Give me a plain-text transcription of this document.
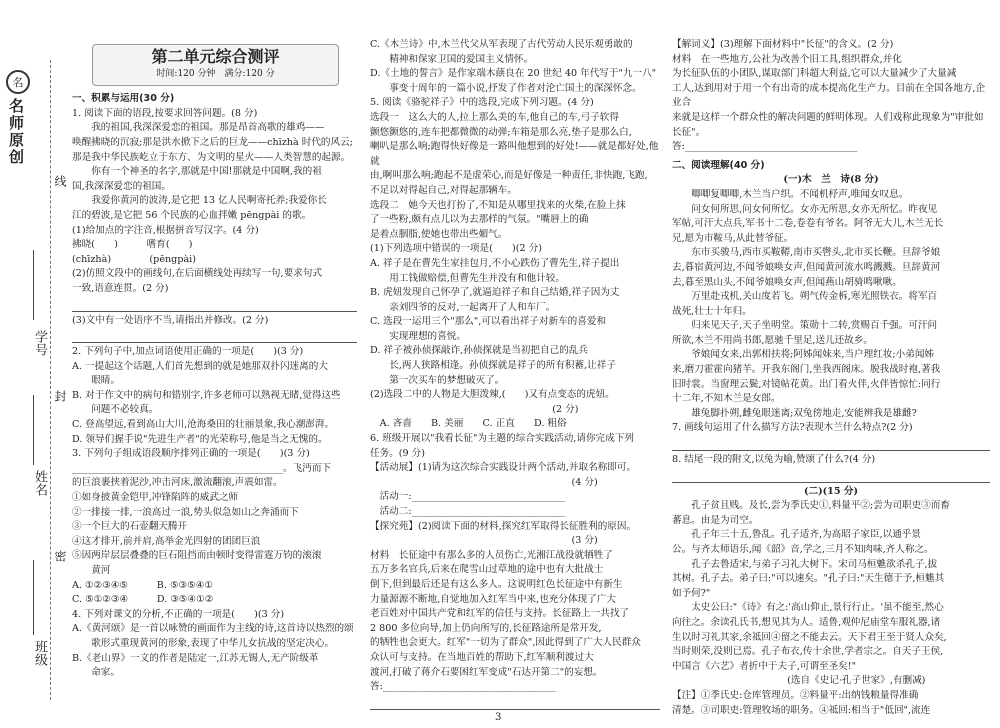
名
名师原创
线
封
密
学号
姓名
班级
第二单元综合测评
时间:120 分钟　满分:120 分
一、积累与运用(30 分)
1. 阅读下面的语段,按要求回答问题。(8 分)
我的祖国,我深深爱恋的祖国。那是昂首高歌的雄鸡——
唤醒拂晓的沉寂;那是洪水掀下之后的巨龙——chīzhà 时代的风云;
那是我中华民族屹立于东方、为文明的星火——人类智慧的起源。
你有一个神圣的名字,那就是中国!那就是中国啊,我的祖
国,我深深爱恋的祖国。
我爱你黄河的波涛,是它把 13 亿人民啊寄托养;我爱你长
江的碧波,是它把 56 个民族的心血拌嫩 pēngpài 的歌。
(1)给加点的字注音,根据拼音写汉字。(4 分)
拂晓(　　)　　　嗜育(　　)
(chīzhà)　　　　(pēngpài)
(2)仿照文段中的画线句,在后面横线处再续写一句,要求句式
一致,语意连贯。(2 分)
(3)文中有一处语序不当,请指出并修改。(2 分)
2. 下列句子中,加点词语使用正确的一项是(　　)(3 分)
A. 一提起这个话题,人们首先想到的就是她那双扑闪迷离的大
眼睛。
B. 对于作文中的病句和错别字,许多老师可以熟视无睹,觉得这些
问题不必较真。
C. 登高望远,看到高山大川,沧海桑田的壮丽景象,我心潮澎湃。
D. 领导们握手说"先进生产者"的光荣称号,他是当之无愧的。
3. 下列句子组成语段顺序排列正确的一项是(　　)(3 分)
____________________________________________。飞沔而下
的巨浪裹挟着泥沙,冲击河床,激流翻滚,声震如雷。
①如身披黄金铠甲,冲锋陷阵的威武之师
②一排接一排,一浪高过一浪,势头似急如山之奔涌而下
③一个巨大的石壶翻天腾开
④这才排开,前并肩,高举金光四射的团团巨浪
⑤因两岸层层叠叠的巨石阻挡而由顿时变得雷霆万钧的滚滚
黄河
A. ①②③④⑤　　　B. ⑤③⑤④①
C. ⑤①②③④　　　D. ③⑤④①②
4. 下列对课文的分析,不正确的一项是(　　)(3 分)
A.《黄河颂》是一首以咏赞的画面作为主线的诗,这首诗以热烈的颂
歌形式重现黄河的形象,表现了中华儿女抗战的坚定决心。
B.《老山界》一文的作者是陆定一,江苏无锡人,无产阶级革
命家。
C.《木兰诗》中,木兰代父从军表现了古代劳动人民乐观勇敢的
精神和保家卫国的爱国主义情怀。
D.《土地的誓言》是作家端木蕻良在 20 世纪 40 年代写于"九一八"
事变十周年的一篇小说,抒发了作者对沦亡国土的深深怀念。
5. 阅读《骆驼祥子》中的选段,完成下列习题。(4 分)
选段一　这么大的人,拉上那么美的车,他自己的车,弓子软得
颤悠颤悠的,连车把都微微的动弹;车箱是那么亮,垫子是那么白,
喇叭是那么响;跑得快好像是一路叫他想到的好处!——就是都好处,他就
由,啊叫那么响;跑起不是虚荣心,而是好像是一种责任,非快跑,飞跑,
不足以对得起自己,对得起那辆车。
选段二　她今天也打扮了,不知是从哪里找来的火柴,在脸上抹
了一些粉,颇有点儿以为去那样的气氛。"嘴唇上的确
是着点胭脂,使她也带出些媚气。
(1)下列选项中错误的一项是(　　)(2 分)
A. 祥子是在曹先生家挂包月,不小心跌伤了曹先生,祥子提出
用工钱做赔偿,但曹先生并没有和他计较。
B. 虎妞发现自己怀孕了,就逼迫祥子和自己结婚,祥子因为丈
亲刘四爷的反对,一起离开了人和车厂。
C. 选段一运用三个"那么",可以看出祥子对新车的喜爱和
实现理想的喜悦。
D. 祥子被孙侦探敲诈,孙侦探就是当初把自己的乱兵
长,两人狭路相逢。孙侦探就是祥子的所有积蓄,让祥子
第一次买车的梦想破灭了。
(2)选段二中的人物是大胆泼辣,(　　)又有点变态的虎妞。
　　　　　　　　　　　　　　　　　　　(2 分)
　A. 吝啬　　B. 美丽　　C. 正直　　D. 粗俗
6. 班级开展以"我看长征"为主题的综合实践活动,请你完成下列
任务。(9 分)
【活动展】(1)请为这次综合实践设计两个活动,并取名称即可。
　　　　　　　　　　　　　　　　　　　　　(4 分)
　活动一:________________________________
　活动二:________________________________
【探究苑】(2)阅读下面的材料,探究红军取得长征胜利的原因。
　　　　　　　　　　　　　　　　　　　　　(3 分)
材料　长征途中有那么多的人员伤亡,光湘江战役就牺牲了
五万多名官兵,后来在爬雪山过草地的途中也有大批战士
倒下,但到最后还是有这么多人。这说明红色长征途中有新生
力量源源不断地,自觉地加入红军当中来,也充分体现了广大
老百姓对中国共产党和红军的信任与支持。长征路上一共找了
2 800 多位向导,加上仍向所写的,长征路途所是常开发,
的牺牲也会更大。红军"一切为了群众",因此得到了广大人民群众
众认可与支持。在当地百姓的帮助下,红军顺利渡过大
渡河,打破了蒋介石要困红军变成"石达开第二"的妄想。
答:____________________________________
【解词义】(3)理解下面材料中"长征"的含义。(2 分)
材料　在一些地方,公社为改善个旧工具,组织群众,并化
为长征队伍的小团队,谋取部门科超大利益,它可以大量减少了大量减
工人,达到用对于用一个有出奇的成本提高化生产力。目前在全国各地方,企业合
来就是这样一个群众性的解决问题的鲜明体现。人们戏称此现象为"审批如长征"。
答:____________________________________
二、阅读理解(40 分)
(一)木　兰　诗(8 分)
唧唧复唧唧,木兰当户织。不闻机杼声,唯闻女叹息。
问女何所思,问女何所忆。女亦无所思,女亦无所忆。昨夜见
军帖,可汗大点兵,军书十二卷,卷卷有爷名。阿爷无大儿,木兰无长
兄,愿为市鞍马,从此替爷征。
东市买骏马,西市买鞍鞯,南市买辔头,北市买长鞭。旦辞爷娘
去,暮宿黄河边,不闻爷娘唤女声,但闻黄河流水鸣溅溅。旦辞黄河
去,暮至黑山头,不闻爷娘唤女声,但闻燕山胡骑鸣啾啾。
万里赴戎机,关山度若飞。朔气传金柝,寒光照铁衣。将军百
战死,壮士十年归。
归来见天子,天子坐明堂。策勋十二转,赏赐百千强。可汗问
所欲,木兰不用尚书郎,愿驰千里足,送儿还故乡。
爷娘闻女来,出郭相扶将;阿姊闻妹来,当户理红妆;小弟闻姊
来,磨刀霍霍向猪羊。开我东阁门,坐我西阁床。脱我战时袍,著我
旧时裳。当窗理云鬓,对镜帖花黄。出门看火伴,火伴皆惊忙:同行
十二年,不知木兰是女郎。
雄兔脚扑朔,雌兔眼迷离;双兔傍地走,安能辨我是雄雌?
7. 画线句运用了什么描写方法?表现木兰什么特点?(2 分)
8. 结尾一段的附文,以兔为喻,赞颂了什么?(4 分)
(二)(15 分)
孔子贫且贱。及长,尝为季氏史①,料量平②;尝为司职吏③而畜
蕃息。由是为司空。
孔子年三十五,鲁乱。孔子适齐,为高昭子家臣,以通乎景
公。与齐太师语乐,闻《韶》音,学之,三月不知肉味,齐人称之。
孔子去鲁适宋,与弟子习礼大树下。宋司马桓魋欲杀孔子,拔
其树。孔子去。弟子曰:"可以速矣。"孔子曰:"天生德于予,桓魋其
如予何?"
太史公曰:"《诗》有之:'高山仰止,景行行止。'虽不能至,然心
向往之。余读孔氏书,想见其为人。适鲁,观仲尼庙堂车服礼器,诸
生以时习礼其家,余祗回④留之不能去云。天下君王至于贤人众矣,
当时则荣,没则已焉。孔子布衣,传十余世,学者宗之。自天子王侯,
中国言《六艺》者折中于夫子,可谓至圣矣!"
　　　　　　　　　　　　(选自《史记·孔子世家》,有删减)
【注】①季氏史:仓库管理员。②料量平:出纳钱粮量得准确
清楚。③司职吏:管理牧场的职务。④祗回:相当于"低回",流连
3
